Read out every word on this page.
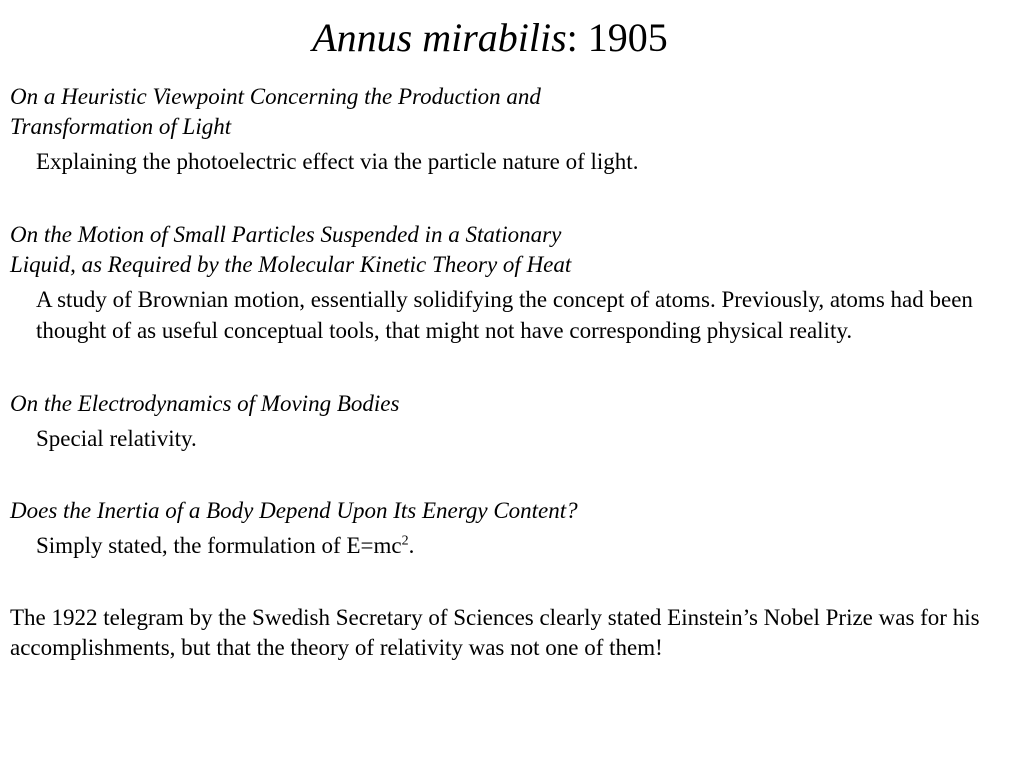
Annus mirabilis: 1905

On a Heuristic Viewpoint Concerning the Production and
Transformation of Light

Explaining the photoelectric effect via the particle nature of light.

On the Motion of Small Particles Suspended in a Stationary
Liquid, as Required by the Molecular Kinetic Theory of Heat

A study of Brownian motion, essentially solidifying the concept of atoms. Previously, atoms had been thought of as useful conceptual tools, that might not have corresponding physical reality.

On the Electrodynamics of Moving Bodies

Special relativity.

Does the Inertia of a Body Depend Upon Its Energy Content?

Simply stated, the formulation of $E=mc^2$.

The 1922 telegram by the Swedish Secretary of Sciences clearly stated Einstein’s Nobel Prize was for his accomplishments, but that the theory of relativity was not one of them!
